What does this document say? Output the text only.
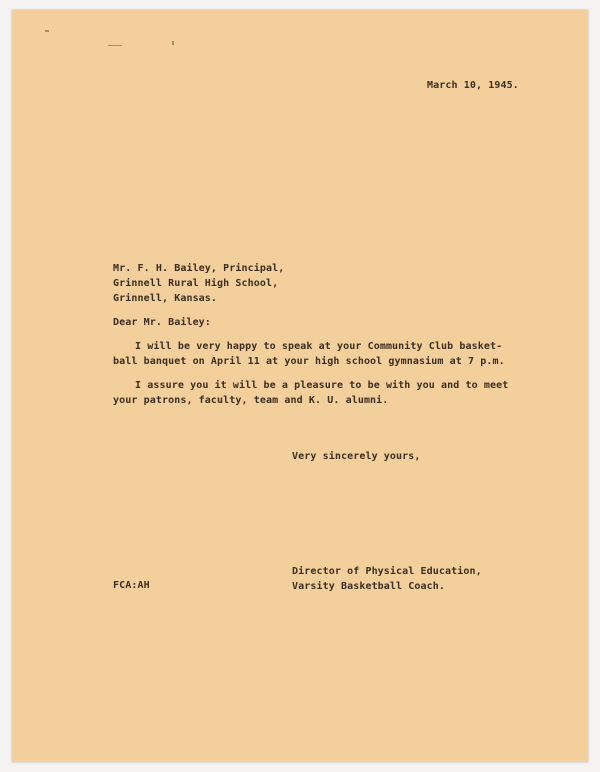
March 10, 1945.
Mr. F. H. Bailey, Principal,
Grinnell Rural High School,
Grinnell, Kansas.
Dear Mr. Bailey:
I will be very happy to speak at your Community Club basket-
ball banquet on April 11 at your high school gymnasium at 7 p.m.
I assure you it will be a pleasure to be with you and to meet
your patrons, faculty, team and K. U. alumni.
Very sincerely yours,
FCA:AH
Director of Physical Education,
Varsity Basketball Coach.
